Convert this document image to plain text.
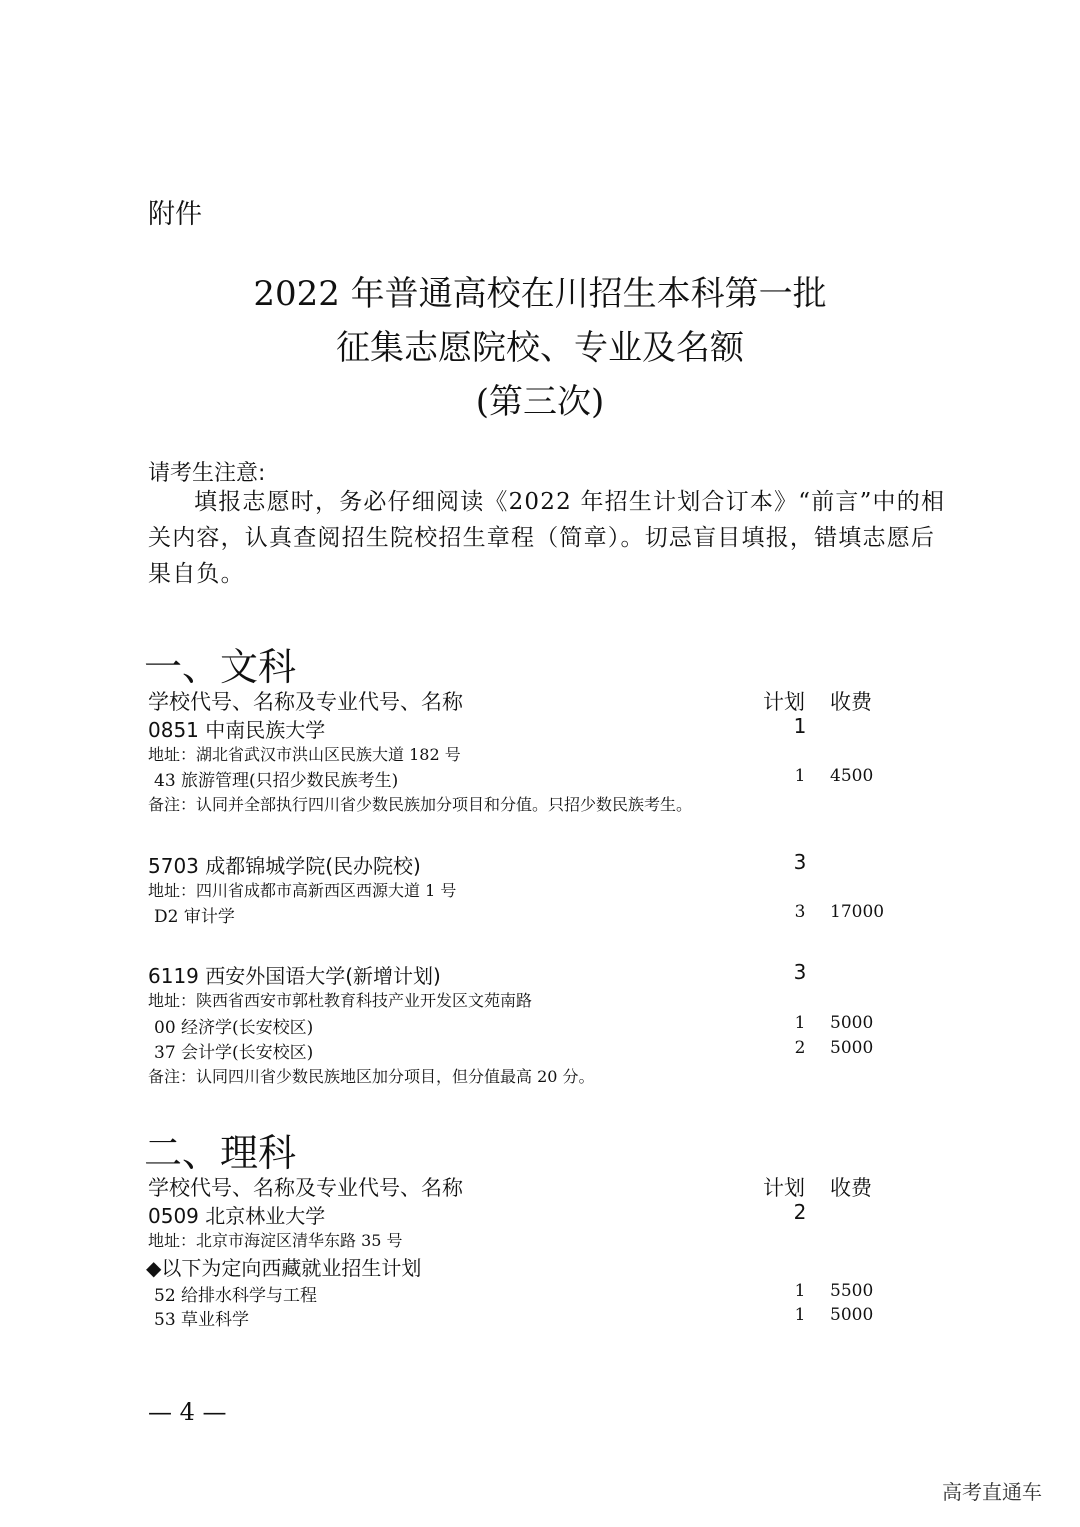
附件
2022 年普通高校在川招生本科第一批
征集志愿院校、专业及名额
(第三次)
请考生注意:
填报志愿时，务必仔细阅读《2022 年招生计划合订本》“前言”中的相关内容，认真查阅招生院校招生章程（简章）。切忌盲目填报，错填志愿后果自负。
一、文科
学校代号、名称及专业代号、名称	计划 收费
0851 中南民族大学	1
地址：湖北省武汉市洪山区民族大道 182 号
43 旅游管理(只招少数民族考生)	1	4500
备注：认同并全部执行四川省少数民族加分项目和分值。只招少数民族考生。
5703 成都锦城学院(民办院校)	3
地址：四川省成都市高新西区西源大道 1 号
D2 审计学	3	17000
6119 西安外国语大学(新增计划)	3
地址：陕西省西安市郭杜教育科技产业开发区文苑南路
00 经济学(长安校区)	1	5000
37 会计学(长安校区)	2	5000
备注：认同四川省少数民族地区加分项目，但分值最高 20 分。
二、理科
学校代号、名称及专业代号、名称	计划 收费
0509 北京林业大学	2
地址：北京市海淀区清华东路 35 号
◆以下为定向西藏就业招生计划
52 给排水科学与工程	1	5500
53 草业科学	1	5000
— 4 —
高考直通车
